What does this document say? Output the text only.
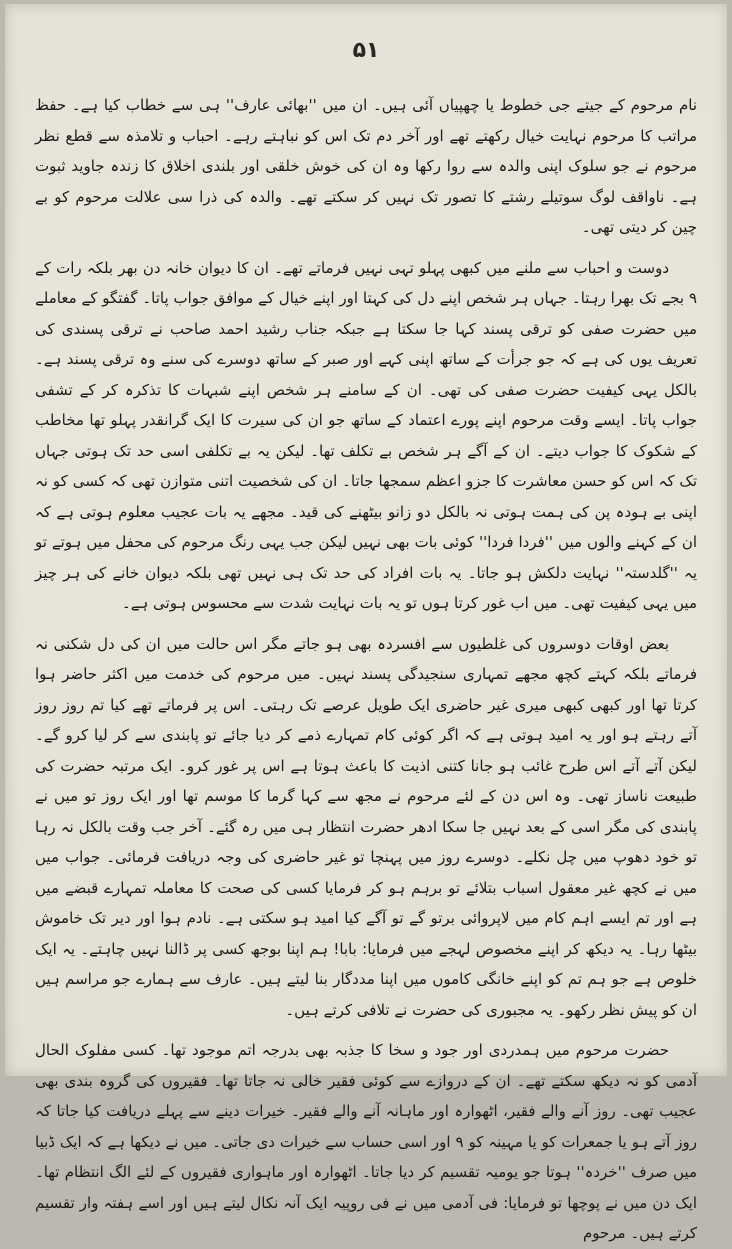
۵۱

نام مرحوم کے جیتے جی خطوط یا چھپیاں آئی ہیں۔ ان میں ''بھائی عارف'' ہی سے خطاب کیا ہے۔ حفظ مراتب کا مرحوم نہایت خیال رکھتے تھے اور آخر دم تک اس کو نباہتے رہے۔ احباب و تلامذہ سے قطع نظر مرحوم نے جو سلوک اپنی والدہ سے روا رکھا وہ ان کی خوش خلقی اور بلندی اخلاق کا زندہ جاوید ثبوت ہے۔ ناواقف لوگ سوتیلے رشتے کا تصور تک نہیں کر سکتے تھے۔ والدہ کی ذرا سی علالت مرحوم کو بے چین کر دیتی تھی۔

دوست و احباب سے ملنے میں کبھی پہلو تہی نہیں فرماتے تھے۔ ان کا دیوان خانہ دن بھر بلکہ رات کے ۹ بجے تک بھرا رہتا۔ جہاں ہر شخص اپنے دل کی کہتا اور اپنے خیال کے موافق جواب پاتا۔ گفتگو کے معاملے میں حضرت صفی کو ترقی پسند کہا جا سکتا ہے جبکہ جناب رشید احمد صاحب نے ترقی پسندی کی تعریف یوں کی ہے کہ جو جرأت کے ساتھ اپنی کہے اور صبر کے ساتھ دوسرے کی سنے وہ ترقی پسند ہے۔ بالکل یہی کیفیت حضرت صفی کی تھی۔ ان کے سامنے ہر شخص اپنے شبہات کا تذکرہ کر کے تشفی جواب پاتا۔ ایسے وقت مرحوم اپنے پورے اعتماد کے ساتھ جو ان کی سیرت کا ایک گرانقدر پہلو تھا مخاطب کے شکوک کا جواب دیتے۔ ان کے آگے ہر شخص بے تکلف تھا۔ لیکن یہ بے تکلفی اسی حد تک ہوتی جہاں تک کہ اس کو حسن معاشرت کا جزو اعظم سمجھا جاتا۔ ان کی شخصیت اتنی متوازن تھی کہ کسی کو نہ اپنی بے ہودہ پن کی ہمت ہوتی نہ بالکل دو زانو بیٹھنے کی قید۔ مجھے یہ بات عجیب معلوم ہوتی ہے کہ ان کے کہنے والوں میں ''فردا فردا'' کوئی بات بھی نہیں لیکن جب یہی رنگ مرحوم کی محفل میں ہوتے تو یہ ''گلدستہ'' نہایت دلکش ہو جاتا۔ یہ بات افراد کی حد تک ہی نہیں تھی بلکہ دیوان خانے کی ہر چیز میں یہی کیفیت تھی۔ میں اب غور کرتا ہوں تو یہ بات نہایت شدت سے محسوس ہوتی ہے۔

بعض اوقات دوسروں کی غلطیوں سے افسردہ بھی ہو جاتے مگر اس حالت میں ان کی دل شکنی نہ فرماتے بلکہ کہتے کچھ مجھے تمہاری سنجیدگی پسند نہیں۔ میں مرحوم کی خدمت میں اکثر حاضر ہوا کرتا تھا اور کبھی کبھی میری غیر حاضری ایک طویل عرصے تک رہتی۔ اس پر فرماتے تھے کیا تم روز روز آتے رہتے ہو اور یہ امید ہوتی ہے کہ اگر کوئی کام تمہارے ذمے کر دیا جائے تو پابندی سے کر لیا کرو گے۔ لیکن آتے آتے اس طرح غائب ہو جانا کتنی اذیت کا باعث ہوتا ہے اس پر غور کرو۔ ایک مرتبہ حضرت کی طبیعت ناساز تھی۔ وہ اس دن کے لئے مرحوم نے مجھ سے کہا گرما کا موسم تھا اور ایک روز تو میں نے پابندی کی مگر اسی کے بعد نہیں جا سکا ادھر حضرت انتظار ہی میں رہ گئے۔ آخر جب وقت بالکل نہ رہا تو خود دھوپ میں چل نکلے۔ دوسرے روز میں پہنچا تو غیر حاضری کی وجہ دریافت فرمائی۔ جواب میں میں نے کچھ غیر معقول اسباب بتلائے تو برہم ہو کر فرمایا کسی کی صحت کا معاملہ تمہارے قبضے میں ہے اور تم ایسے اہم کام میں لاپروائی برتو گے تو آگے کیا امید ہو سکتی ہے۔ نادم ہوا اور دیر تک خاموش بیٹھا رہا۔ یہ دیکھ کر اپنے مخصوص لہجے میں فرمایا: بابا! ہم اپنا بوجھ کسی پر ڈالنا نہیں چاہتے۔ یہ ایک خلوص ہے جو ہم تم کو اپنے خانگی کاموں میں اپنا مددگار بنا لیتے ہیں۔ عارف سے ہمارے جو مراسم ہیں ان کو پیش نظر رکھو۔ یہ مجبوری کی حضرت نے تلافی کرتے ہیں۔

حضرت مرحوم میں ہمدردی اور جود و سخا کا جذبہ بھی بدرجہ اتم موجود تھا۔ کسی مفلوک الحال آدمی کو نہ دیکھ سکتے تھے۔ ان کے دروازے سے کوئی فقیر خالی نہ جاتا تھا۔ فقیروں کی گروہ بندی بھی عجیب تھی۔ روز آنے والے فقیر، اٹھوارہ اور ماہانہ آنے والے فقیر۔ خیرات دینے سے پہلے دریافت کیا جاتا کہ روز آتے ہو یا جمعرات کو یا مہینہ کو ۹ اور اسی حساب سے خیرات دی جاتی۔ میں نے دیکھا ہے کہ ایک ڈبیا میں صرف ''خردہ'' ہوتا جو یومیہ تقسیم کر دیا جاتا۔ اٹھوارہ اور ماہواری فقیروں کے لئے الگ انتظام تھا۔ ایک دن میں نے پوچھا تو فرمایا: فی آدمی میں نے فی روپیہ ایک آنہ نکال لیتے ہیں اور اسے ہفتہ وار تقسیم کرتے ہیں۔ مرحوم
